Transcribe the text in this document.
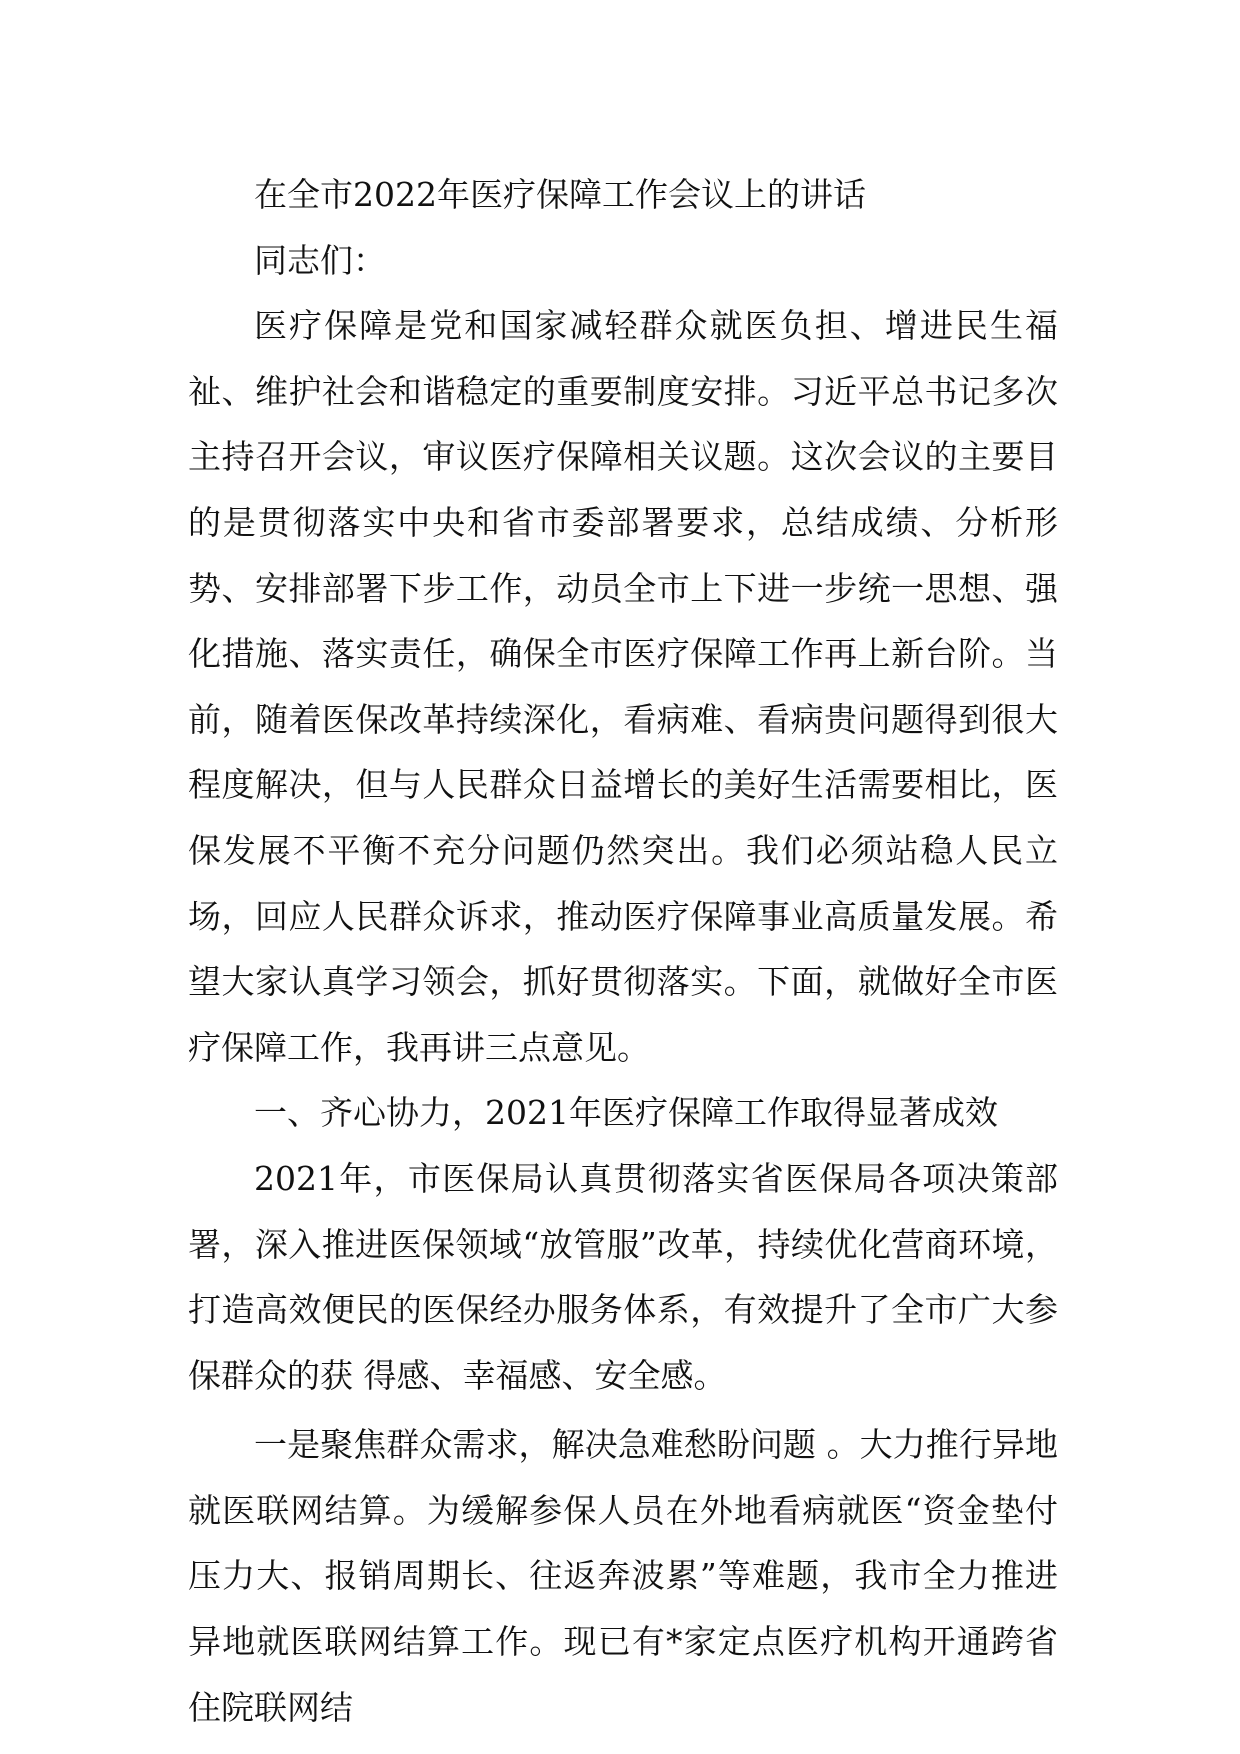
在全市2022年医疗保障工作会议上的讲话

同志们：

医疗保障是党和国家减轻群众就医负担、增进民生福祉、维护社会和谐稳定的重要制度安排。习近平总书记多次主持召开会议，审议医疗保障相关议题。这次会议的主要目的是贯彻落实中央和省市委部署要求，总结成绩、分析形势、安排部署下步工作，动员全市上下进一步统一思想、强化措施、落实责任，确保全市医疗保障工作再上新台阶。当前，随着医保改革持续深化，看病难、看病贵问题得到很大程度解决，但与人民群众日益增长的美好生活需要相比，医保发展不平衡不充分问题仍然突出。我们必须站稳人民立场，回应人民群众诉求，推动医疗保障事业高质量发展。希望大家认真学习领会，抓好贯彻落实。下面，就做好全市医疗保障工作，我再讲三点意见。

一、齐心协力，2021年医疗保障工作取得显著成效

2021年，市医保局认真贯彻落实省医保局各项决策部署，深入推进医保领域“放管服”改革，持续优化营商环境，打造高效便民的医保经办服务体系，有效提升了全市广大参保群众的获 得感、幸福感、安全感。

一是聚焦群众需求，解决急难愁盼问题 。大力推行异地就医联网结算。为缓解参保人员在外地看病就医“资金垫付压力大、报销周期长、往返奔波累”等难题，我市全力推进异地就医联网结算工作。现已有*家定点医疗机构开通跨省住院联网结
